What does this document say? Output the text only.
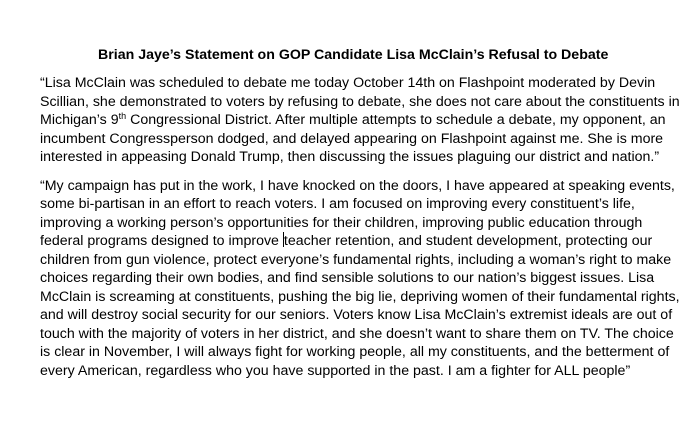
Brian Jaye’s Statement on GOP Candidate Lisa McClain’s Refusal to Debate
“Lisa McClain was scheduled to debate me today October 14th on Flashpoint moderated by Devin
Scillian, she demonstrated to voters by refusing to debate, she does not care about the constituents in
Michigan’s 9th Congressional District. After multiple attempts to schedule a debate, my opponent, an
incumbent Congressperson dodged, and delayed appearing on Flashpoint against me. She is more
interested in appeasing Donald Trump, then discussing the issues plaguing our district and nation.”
“My campaign has put in the work, I have knocked on the doors, I have appeared at speaking events,
some bi-partisan in an effort to reach voters. I am focused on improving every constituent’s life,
improving a working person’s opportunities for their children, improving public education through
federal programs designed to improve teacher retention, and student development, protecting our
children from gun violence, protect everyone’s fundamental rights, including a woman’s right to make
choices regarding their own bodies, and find sensible solutions to our nation’s biggest issues. Lisa
McClain is screaming at constituents, pushing the big lie, depriving women of their fundamental rights,
and will destroy social security for our seniors. Voters know Lisa McClain’s extremist ideals are out of
touch with the majority of voters in her district, and she doesn’t want to share them on TV. The choice
is clear in November, I will always fight for working people, all my constituents, and the betterment of
every American, regardless who you have supported in the past. I am a fighter for ALL people”
